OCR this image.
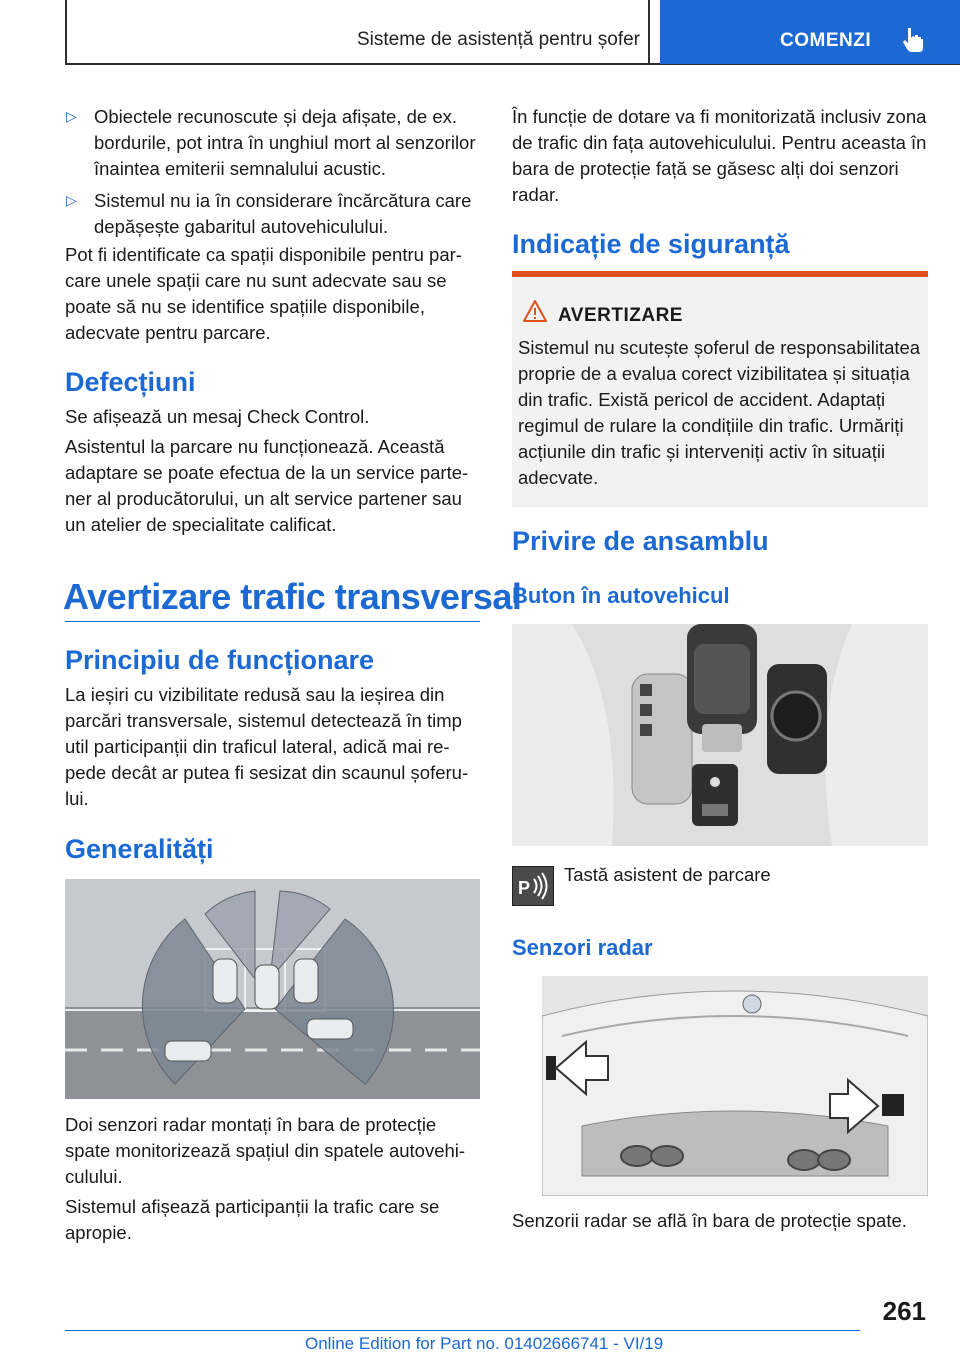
Sisteme de asistență pentru șofer	COMENZI
▷ Obiectele recunoscute și deja afișate, de ex. bordurile, pot intra în unghiul mort al senzorilor înaintea emiterii semnalului acustic.
▷ Sistemul nu ia în considerare încărcătura care depășește gabaritul autovehiculului.
Pot fi identificate ca spații disponibile pentru parcare unele spații care nu sunt adecvate sau se poate să nu se identifice spațiile disponibile, adecvate pentru parcare.
Defecțiuni
Se afișează un mesaj Check Control.
Asistentul la parcare nu funcționează. Această adaptare se poate efectua de la un service partener al producătorului, un alt service partener sau un atelier de specialitate calificat.
Avertizare trafic transversal
Principiu de funcționare
La ieșiri cu vizibilitate redusă sau la ieșirea din parcări transversale, sistemul detectează în timp util participanții din traficul lateral, adică mai repede decât ar putea fi sesizat din scaunul șoferului.
Generalități
Doi senzori radar montați în bara de protecție spate monitorizează spațiul din spatele autovehiculului.
Sistemul afișează participanții la trafic care se apropie.
În funcție de dotare va fi monitorizată inclusiv zona de trafic din fața autovehiculului. Pentru aceasta în bara de protecție față se găsesc alți doi senzori radar.
Indicație de siguranță
AVERTIZARE
Sistemul nu scutește șoferul de responsabilitatea proprie de a evalua corect vizibilitatea și situația din trafic. Există pericol de accident. Adaptați regimul de rulare la condițiile din trafic. Urmăriți acțiunile din trafic și interveniți activ în situații adecvate.
Privire de ansamblu
Buton în autovehicul
P
Tastă asistent de parcare
Senzori radar
Senzorii radar se află în bara de protecție spate.
261
Online Edition for Part no. 01402666741 - VI/19
